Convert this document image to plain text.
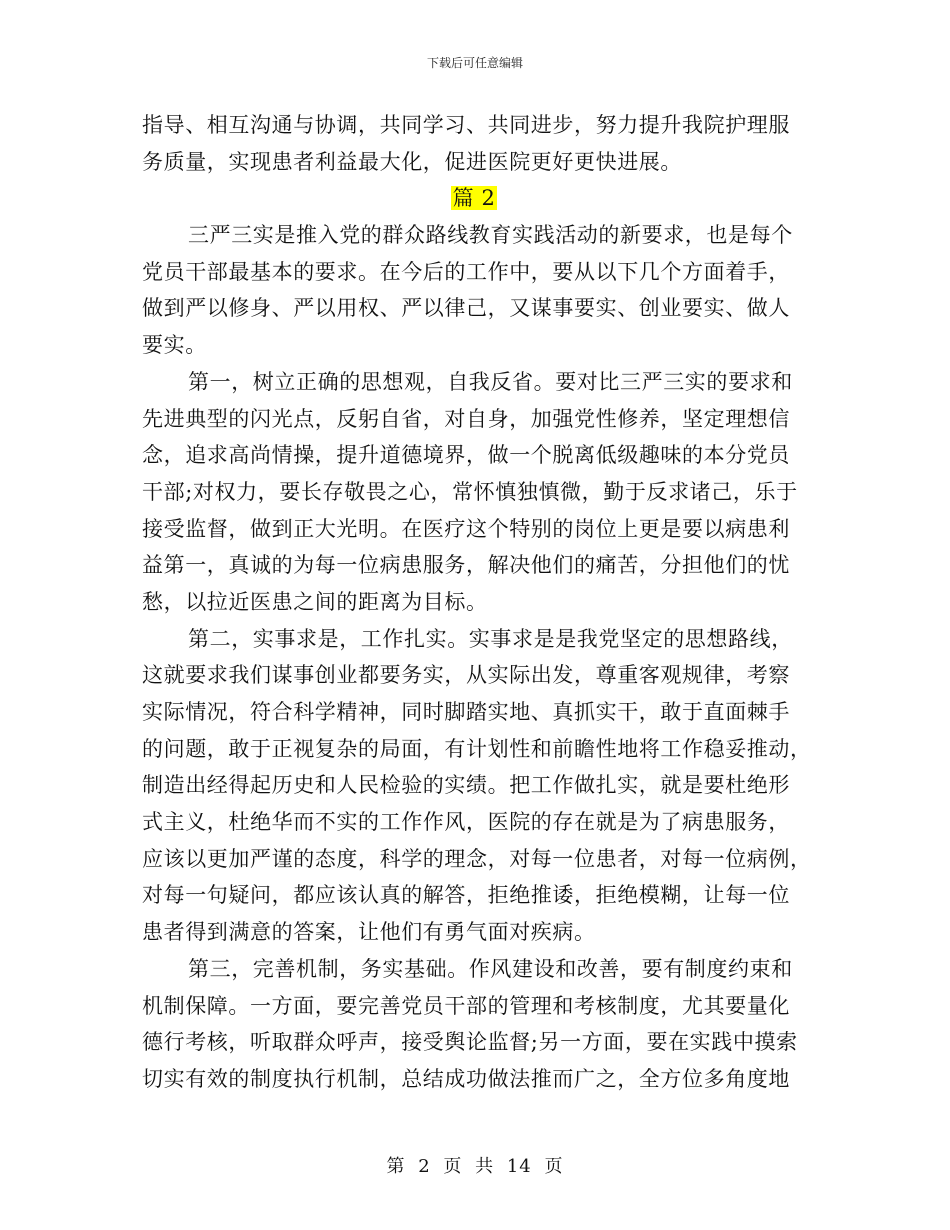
下载后可任意编辑
指导、相互沟通与协调，共同学习、共同进步，努力提升我院护理服
务质量，实现患者利益最大化，促进医院更好更快进展。
篇 2
三严三实是推入党的群众路线教育实践活动的新要求，也是每个
党员干部最基本的要求。在今后的工作中，要从以下几个方面着手，
做到严以修身、严以用权、严以律己，又谋事要实、创业要实、做人
要实。
第一，树立正确的思想观，自我反省。要对比三严三实的要求和
先进典型的闪光点，反躬自省，对自身，加强党性修养，坚定理想信
念，追求高尚情操，提升道德境界，做一个脱离低级趣味的本分党员
干部;对权力，要长存敬畏之心，常怀慎独慎微，勤于反求诸己，乐于
接受监督，做到正大光明。在医疗这个特别的岗位上更是要以病患利
益第一，真诚的为每一位病患服务，解决他们的痛苦，分担他们的忧
愁，以拉近医患之间的距离为目标。
第二，实事求是，工作扎实。实事求是是我党坚定的思想路线，
这就要求我们谋事创业都要务实，从实际出发，尊重客观规律，考察
实际情况，符合科学精神，同时脚踏实地、真抓实干，敢于直面棘手
的问题，敢于正视复杂的局面，有计划性和前瞻性地将工作稳妥推动，
制造出经得起历史和人民检验的实绩。把工作做扎实，就是要杜绝形
式主义，杜绝华而不实的工作作风，医院的存在就是为了病患服务，
应该以更加严谨的态度，科学的理念，对每一位患者，对每一位病例，
对每一句疑问，都应该认真的解答，拒绝推诿，拒绝模糊，让每一位
患者得到满意的答案，让他们有勇气面对疾病。
第三，完善机制，务实基础。作风建设和改善，要有制度约束和
机制保障。一方面，要完善党员干部的管理和考核制度，尤其要量化
德行考核，听取群众呼声，接受舆论监督;另一方面，要在实践中摸索
切实有效的制度执行机制，总结成功做法推而广之，全方位多角度地
第 2 页 共 14 页
